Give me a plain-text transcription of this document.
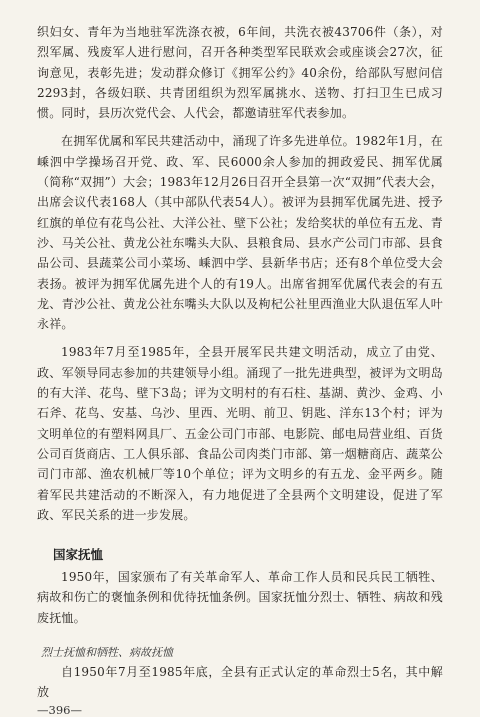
织妇女、青年为当地驻军洗涤衣被，6年间，共洗衣被43706件（条），对烈军属、残废军人进行慰问，召开各种类型军民联欢会或座谈会27次，征询意见，表彰先进；发动群众修订《拥军公约》40余份，给部队写慰问信2293封，各级妇联、共青团组织为烈军属挑水、送物、打扫卫生已成习惯。同时，县历次党代会、人代会，都邀请驻军代表参加。

在拥军优属和军民共建活动中，涌现了许多先进单位。1982年1月，在嵊泗中学操场召开党、政、军、民6000余人参加的拥政爱民、拥军优属（简称“双拥”）大会；1983年12月26日召开全县第一次“双拥”代表大会，出席会议代表168人（其中部队代表54人）。被评为县拥军优属先进、授予红旗的单位有花鸟公社、大洋公社、壁下公社；发给奖状的单位有五龙、青沙、马关公社、黄龙公社东嘴头大队、县粮食局、县水产公司门市部、县食品公司、县蔬菜公司小菜场、嵊泗中学、县新华书店；还有8个单位受大会表扬。被评为拥军优属先进个人的有19人。出席省拥军优属代表会的有五龙、青沙公社、黄龙公社东嘴头大队以及枸杞公社里西渔业大队退伍军人叶永祥。

1983年7月至1985年，全县开展军民共建文明活动，成立了由党、政、军领导同志参加的共建领导小组。涌现了一批先进典型，被评为文明岛的有大洋、花鸟、壁下3岛；评为文明村的有石柱、基湖、黄沙、金鸡、小石斧、花鸟、安基、乌沙、里西、光明、前卫、钥匙、洋东13个村；评为文明单位的有塑料网具厂、五金公司门市部、电影院、邮电局营业组、百货公司百货商店、工人俱乐部、食品公司肉类门市部、第一烟糖商店、蔬菜公司门市部、渔农机械厂等10个单位；评为文明乡的有五龙、金平两乡。随着军民共建活动的不断深入，有力地促进了全县两个文明建设，促进了军政、军民关系的进一步发展。

国家抚恤

1950年，国家颁布了有关革命军人、革命工作人员和民兵民工牺牲、病故和伤亡的褒恤条例和优待抚恤条例。国家抚恤分烈士、牺牲、病故和残废抚恤。

烈士抚恤和牺牲、病故抚恤

自1950年7月至1985年底，全县有正式认定的革命烈士5名，其中解放

—396—
